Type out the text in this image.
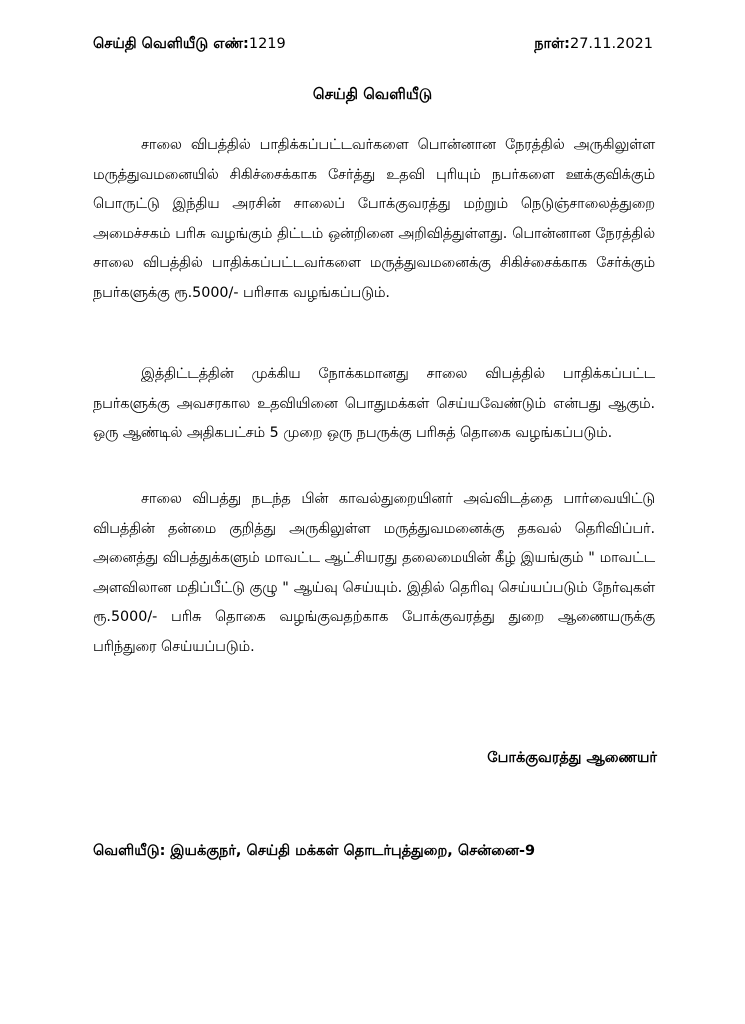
செய்தி வெளியீடு எண்:1219	நாள்:27.11.2021
செய்தி வெளியீடு
சாலை விபத்தில் பாதிக்கப்பட்டவர்களை பொன்னான நேரத்தில் அருகிலுள்ள மருத்துவமனையில் சிகிச்சைக்காக சேர்த்து உதவி புரியும் நபர்களை ஊக்குவிக்கும் பொருட்டு இந்திய அரசின் சாலைப் போக்குவரத்து மற்றும் நெடுஞ்சாலைத்துறை அமைச்சகம் பரிசு வழங்கும் திட்டம் ஒன்றினை அறிவித்துள்ளது. பொன்னான நேரத்தில் சாலை விபத்தில் பாதிக்கப்பட்டவர்களை மருத்துவமனைக்கு சிகிச்சைக்காக சேர்க்கும் நபர்களுக்கு ரூ.5000/- பரிசாக வழங்கப்படும்.
இத்திட்டத்தின் முக்கிய நோக்கமானது சாலை விபத்தில் பாதிக்கப்பட்ட நபர்களுக்கு அவசரகால உதவியினை பொதுமக்கள் செய்யவேண்டும் என்பது ஆகும். ஒரு ஆண்டில் அதிகபட்சம் 5 முறை ஒரு நபருக்கு பரிசுத் தொகை வழங்கப்படும்.
சாலை விபத்து நடந்த பின் காவல்துறையினர் அவ்விடத்தை பார்வையிட்டு விபத்தின் தன்மை குறித்து அருகிலுள்ள மருத்துவமனைக்கு தகவல் தெரிவிப்பர். அனைத்து விபத்துக்களும் மாவட்ட ஆட்சியரது தலைமையின் கீழ் இயங்கும் " மாவட்ட அளவிலான மதிப்பீட்டு குழு " ஆய்வு செய்யும். இதில் தெரிவு செய்யப்படும் நேர்வுகள் ரூ.5000/- பரிசு தொகை வழங்குவதற்காக போக்குவரத்து துறை ஆணையருக்கு பரிந்துரை செய்யப்படும்.
போக்குவரத்து ஆணையர்
வெளியீடு: இயக்குநர், செய்தி மக்கள் தொடர்புத்துறை, சென்னை-9
